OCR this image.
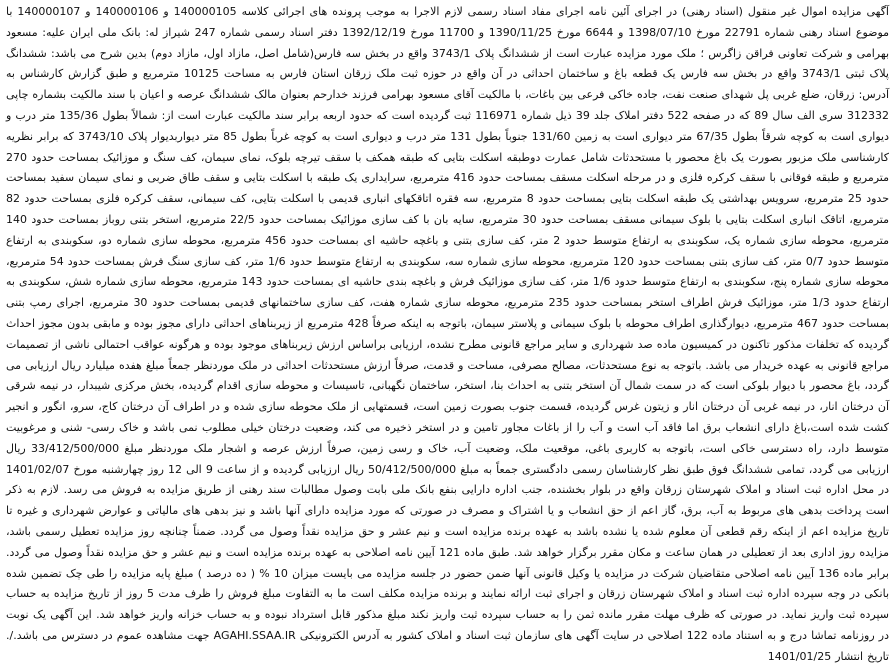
آگهی مزایده اموال غیر منقول (اسناد رهنی) در اجرای آئین نامه اجرای مفاد اسناد رسمی لازم الاجرا به موجب پرونده های اجرائی کلاسه 140000105 و 140000106 و 140000107 با موضوع اسناد رهنی شماره 22791 مورخ 1398/07/10 و 6644 مورخ 1390/11/25 و 11700 مورخ 1392/12/19 دفتر اسناد رسمی شماره 247 شیراز له: بانک ملی ایران علیه: مسعود بهرامی و شرکت تعاونی فراقن زاگرس ؛ ملک مورد مزایده عبارت است از ششدانگ پلاک 3743/1 واقع در بخش سه فارس(شامل اصل، مازاد اول، مازاد دوم) بدین شرح می باشد: ششدانگ پلاک ثبتی 3743/1 واقع در بخش سه فارس یک قطعه باغ و ساختمان احداثی در آن واقع در حوزه ثبت ملک زرقان استان فارس به مساحت 10125 مترمربع و طبق گزارش کارشناس به آدرس: زرقان، ضلع غربی پل شهدای صنعت نفت، جاده خاکی فرعی بین باغات، با مالکیت آقای مسعود بهرامی فرزند خدارحم بعنوان مالک ششدانگ عرصه و اعیان با سند مالکیت بشماره چاپی 312332 سری الف سال 89 که در صفحه 522 دفتر املاک جلد 39 ذیل شماره 116971 ثبت گردیده است که حدود اربعه برابر سند مالکیت عبارت است از: شمالاً بطول 135/36 متر درب و دیواری است به کوچه شرقاً بطول 67/35 متر دیواری است به زمین 131/60 جنوباً بطول 131 متر درب و دیواری است به کوچه غرباً بطول 85 متر دیواربدیوار پلاک 3743/10 که برابر نظریه کارشناسی ملک مزبور بصورت یک باغ محصور با مستحدثات شامل عمارت دوطبقه اسکلت بتایی که طبقه همکف با سقف تیرچه بلوک، نمای سیمان، کف سنگ و موزائیک بمساحت حدود 270 مترمربع و طبقه فوقانی با سقف کرکره فلزی و در مرحله اسکلت مسقف بمساحت حدود 416 مترمربع، سرایداری یک طبقه با اسکلت بتایی و سقف طاق ضربی و نمای سیمان سفید بمساحت حدود 25 مترمربع، سرویس بهداشتی یک طبقه اسکلت بتایی بمساحت حدود 8 مترمربع، سه فقره اتاقکهای انباری قدیمی با اسکلت بتایی، کف سیمانی، سقف کرکره فلزی بمساحت حدود 82 مترمربع، اتاقک انباری اسکلت بتایی با بلوک سیمانی مسقف بمساحت حدود 30 مترمربع، سایه بان با کف سازی موزائیک بمساحت حدود 22/5 مترمربع، استخر بتنی روباز بمساحت حدود 140 مترمربع، محوطه سازی شماره یک، سکوبندی به ارتفاع متوسط حدود 2 متر، کف سازی بتنی و باغچه حاشیه ای بمساحت حدود 456 مترمربع، محوطه سازی شماره دو، سکوبندی به ارتفاع متوسط حدود 0/7 متر، کف سازی بتنی بمساحت حدود 120 مترمربع، محوطه سازی شماره سه، سکوبندی به ارتفاع متوسط حدود 1/6 متر، کف سازی سنگ فرش بمساحت حدود 54 مترمربع، محوطه سازی شماره پنج، سکوبندی به ارتفاع متوسط حدود 1/6 متر، کف سازی موزائیک فرش و باغچه بندی حاشیه ای بمساحت حدود 143 مترمربع، محوطه سازی شماره شش، سکوبندی به ارتفاع حدود 1/3 متر، موزائیک فرش اطراف استخر بمساحت حدود 235 مترمربع، محوطه سازی شماره هفت، کف سازی ساختمانهای قدیمی بمساحت حدود 30 مترمربع، اجرای رمپ بتنی بمساحت حدود 467 مترمربع، دیوارگذاری اطراف محوطه با بلوک سیمانی و پلاستر سیمان، باتوجه به اینکه صرفاً 428 مترمربع از زیربناهای احداثی دارای مجوز بوده و مابقی بدون مجوز احداث گردیده که تخلفات مذکور تاکنون در کمیسیون ماده صد شهرداری و سایر مراجع قانونی مطرح نشده، ارزیابی براساس ارزش زیربناهای موجود بوده و هرگونه عواقب احتمالی ناشی از تصمیمات مراجع قانونی به عهده خریدار می باشد. باتوجه به نوع مستحدثات، مصالح مصرفی، مساحت و قدمت، صرفاً ارزش مستحدثات احداثی در ملک موردنظر جمعاً مبلغ هفده میلیارد ریال ارزیابی می گردد، باغ محصور با دیوار بلوکی است که در سمت شمال آن استخر بتنی به احداث بنا، استخر، ساختمان نگهبانی، تاسیسات و محوطه سازی اقدام گردیده، بخش مرکزی شیبدار، در نیمه شرقی آن درختان انار، در نیمه غربی آن درختان انار و زیتون غرس گردیده، قسمت جنوب بصورت زمین است، قسمتهایی از ملک محوطه سازی شده و در اطراف آن درختان کاج، سرو، انگور و انجیر کشت شده است،باغ دارای انشعاب برق اما فاقد آب است و آب را از باغات مجاور تامین و در استخر ذخیره می کند، وضعیت درختان خیلی مطلوب نمی باشد و خاک رسی- شنی و مرغوبیت متوسط دارد، راه دسترسی خاکی است، باتوجه به کاربری باغی، موقعیت ملک، وضعیت آب، خاک و رسی زمین، صرفاً ارزش عرصه و اشجار ملک موردنظر مبلغ 33/412/500/000 ریال ارزیابی می گردد، تمامی ششدانگ فوق طبق نظر کارشناسان رسمی دادگستری جمعاً به مبلغ 50/412/500/000 ریال ارزیابی گردیده و از ساعت 9 الی 12 روز چهارشنبه مورخ 1401/02/07 در محل اداره ثبت اسناد و املاک شهرستان زرقان واقع در بلوار بخشنده، جنب اداره دارایی بنفع بانک ملی بابت وصول مطالبات سند رهنی از طریق مزایده به فروش می رسد. لازم به ذکر است پرداخت بدهی های مربوط به آب، برق، گاز اعم از حق انشعاب و یا اشتراک و مصرف در صورتی که مورد مزایده دارای آنها باشد و نیز بدهی های مالیاتی و عوارض شهرداری و غیره تا تاریخ مزایده اعم از اینکه رقم قطعی آن معلوم شده یا نشده باشد به عهده برنده مزایده است و نیم عشر و حق مزایده نقداً وصول می گردد. ضمناً چنانچه روز مزایده تعطیل رسمی باشد، مزایده روز اداری بعد از تعطیلی در همان ساعت و مکان مقرر برگزار خواهد شد. طبق ماده 121 آیین نامه اصلاحی به عهده برنده مزایده است و نیم عشر و حق مزایده نقداً وصول می گردد. برابر ماده 136 آیین نامه اصلاحی متقاضیان شرکت در مزایده یا وکیل قانونی آنها ضمن حضور در جلسه مزایده می بایست میزان 10 % ( ده درصد ) مبلغ پایه مزایده را طی چک تضمین شده بانکی در وجه سپرده اداره ثبت اسناد و املاک شهرستان زرقان و اجرای ثبت ارائه نمایند و برنده مزایده مکلف است ما به التفاوت مبلغ فروش را ظرف مدت 5 روز از تاریخ مزایده به حساب سپرده ثبت واریز نماید. در صورتی که ظرف مهلت مقرر مانده ثمن را به حساب سپرده ثبت واریز نکند مبلغ مذکور قابل استرداد نبوده و به حساب خزانه واریز خواهد شد. این آگهی یک نوبت در روزنامه تماشا درج و به استناد ماده 122 اصلاحی در سایت آگهی های سازمان ثبت اسناد و املاک کشور به آدرس الکترونیکی AGAHI.SSAA.IR جهت مشاهده عموم در دسترس می باشد./. تاریخ انتشار 1401/01/25
